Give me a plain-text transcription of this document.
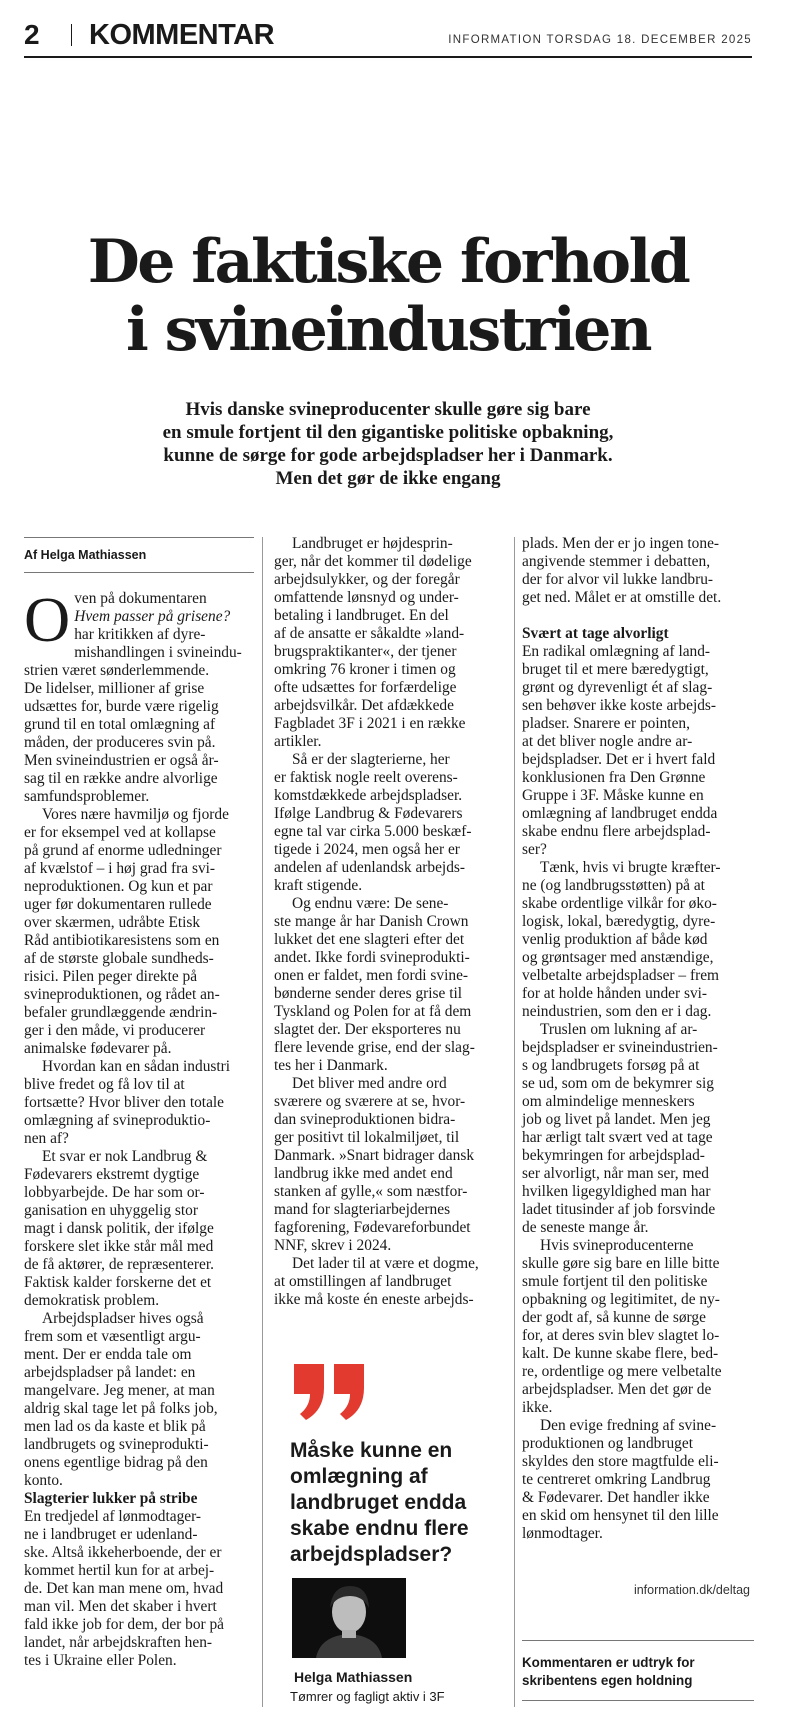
2 KOMMENTAR	INFORMATION TORSDAG 18. DECEMBER 2025
De faktiske forhold
i svineindustrien
Hvis danske svineproducenter skulle gøre sig bare
en smule fortjent til den gigantiske politiske opbakning,
kunne de sørge for gode arbejdspladser her i Danmark.
Men det gør de ikke engang
Af Helga Mathiassen
O ven på dokumentaren
Hvem passer på grisene?
har kritikken af dyre-
mishandlingen i svineindu-
strien været sønderlemmende.
De lidelser, millioner af grise
udsættes for, burde være rigelig
grund til en total omlægning af
måden, der produceres svin på.
Men svineindustrien er også år-
sag til en række andre alvorlige
samfundsproblemer.
Vores nære havmiljø og fjorde
er for eksempel ved at kollapse
på grund af enorme udledninger
af kvælstof – i høj grad fra svi-
neproduktionen. Og kun et par
uger før dokumentaren rullede
over skærmen, udråbte Etisk
Råd antibiotikaresistens som en
af de største globale sundheds-
risici. Pilen peger direkte på
svineproduktionen, og rådet an-
befaler grundlæggende ændrin-
ger i den måde, vi producerer
animalske fødevarer på.
Hvordan kan en sådan industri
blive fredet og få lov til at
fortsætte? Hvor bliver den totale
omlægning af svineproduktio-
nen af?
Et svar er nok Landbrug &
Fødevarers ekstremt dygtige
lobbyarbejde. De har som or-
ganisation en uhyggelig stor
magt i dansk politik, der ifølge
forskere slet ikke står mål med
de få aktører, de repræsenterer.
Faktisk kalder forskerne det et
demokratisk problem.
Arbejdspladser hives også
frem som et væsentligt argu-
ment. Der er endda tale om
arbejdspladser på landet: en
mangelvare. Jeg mener, at man
aldrig skal tage let på folks job,
men lad os da kaste et blik på
landbrugets og svineprodukti-
onens egentlige bidrag på den
konto.
Slagterier lukker på stribe
En tredjedel af lønmodtager-
ne i landbruget er udenland-
ske. Altså ikkeherboende, der er
kommet hertil kun for at arbej-
de. Det kan man mene om, hvad
man vil. Men det skaber i hvert
fald ikke job for dem, der bor på
landet, når arbejdskraften hen-
tes i Ukraine eller Polen.
Landbruget er højdesprin-
ger, når det kommer til dødelige
arbejdsulykker, og der foregår
omfattende lønsnyd og under-
betaling i landbruget. En del
af de ansatte er såkaldte »land-
brugspraktikanter«, der tjener
omkring 76 kroner i timen og
ofte udsættes for forfærdelige
arbejdsvilkår. Det afdækkede
Fagbladet 3F i 2021 i en række
artikler.
Så er der slagterierne, her
er faktisk nogle reelt overens-
komstdækkede arbejdspladser.
Ifølge Landbrug & Fødevarers
egne tal var cirka 5.000 beskæf-
tigede i 2024, men også her er
andelen af udenlandsk arbejds-
kraft stigende.
Og endnu være: De sene-
ste mange år har Danish Crown
lukket det ene slagteri efter det
andet. Ikke fordi svineprodukti-
onen er faldet, men fordi svine-
bønderne sender deres grise til
Tyskland og Polen for at få dem
slagtet der. Der eksporteres nu
flere levende grise, end der slag-
tes her i Danmark.
Det bliver med andre ord
sværere og sværere at se, hvor-
dan svineproduktionen bidra-
ger positivt til lokalmiljøet, til
Danmark. »Snart bidrager dansk
landbrug ikke med andet end
stanken af gylle,« som næstfor-
mand for slagteriarbejdernes
fagforening, Fødevareforbundet
NNF, skrev i 2024.
Det lader til at være et dogme,
at omstillingen af landbruget
ikke må koste én eneste arbejds-
plads. Men der er jo ingen tone-
angivende stemmer i debatten,
der for alvor vil lukke landbru-
get ned. Målet er at omstille det.
Svært at tage alvorligt
En radikal omlægning af land-
bruget til et mere bæredygtigt,
grønt og dyrevenligt ét af slag-
sen behøver ikke koste arbejds-
pladser. Snarere er pointen,
at det bliver nogle andre ar-
bejdspladser. Det er i hvert fald
konklusionen fra Den Grønne
Gruppe i 3F. Måske kunne en
omlægning af landbruget endda
skabe endnu flere arbejdsplad-
ser?
Tænk, hvis vi brugte kræfter-
ne (og landbrugsstøtten) på at
skabe ordentlige vilkår for øko-
logisk, lokal, bæredygtig, dyre-
venlig produktion af både kød
og grøntsager med anstændige,
velbetalte arbejdspladser – frem
for at holde hånden under svi-
neindustrien, som den er i dag.
Truslen om lukning af ar-
bejdspladser er svineindustrien-
s og landbrugets forsøg på at
se ud, som om de bekymrer sig
om almindelige menneskers
job og livet på landet. Men jeg
har ærligt talt svært ved at tage
bekymringen for arbejdsplad-
ser alvorligt, når man ser, med
hvilken ligegyldighed man har
ladet titusinder af job forsvinde
de seneste mange år.
Hvis svineproducenterne
skulle gøre sig bare en lille bitte
smule fortjent til den politiske
opbakning og legitimitet, de ny-
der godt af, så kunne de sørge
for, at deres svin blev slagtet lo-
kalt. De kunne skabe flere, bed-
re, ordentlige og mere velbetalte
arbejdspladser. Men det gør de
ikke.
Den evige fredning af svine-
produktionen og landbruget
skyldes den store magtfulde eli-
te centreret omkring Landbrug
& Fødevarer. Det handler ikke
en skid om hensynet til den lille
lønmodtager.
Måske kunne en
omlægning af
landbruget endda
skabe endnu flere
arbejdspladser?
Helga Mathiassen
Tømrer og fagligt aktiv i 3F
information.dk/deltag
Kommentaren er udtryk for
skribentens egen holdning
